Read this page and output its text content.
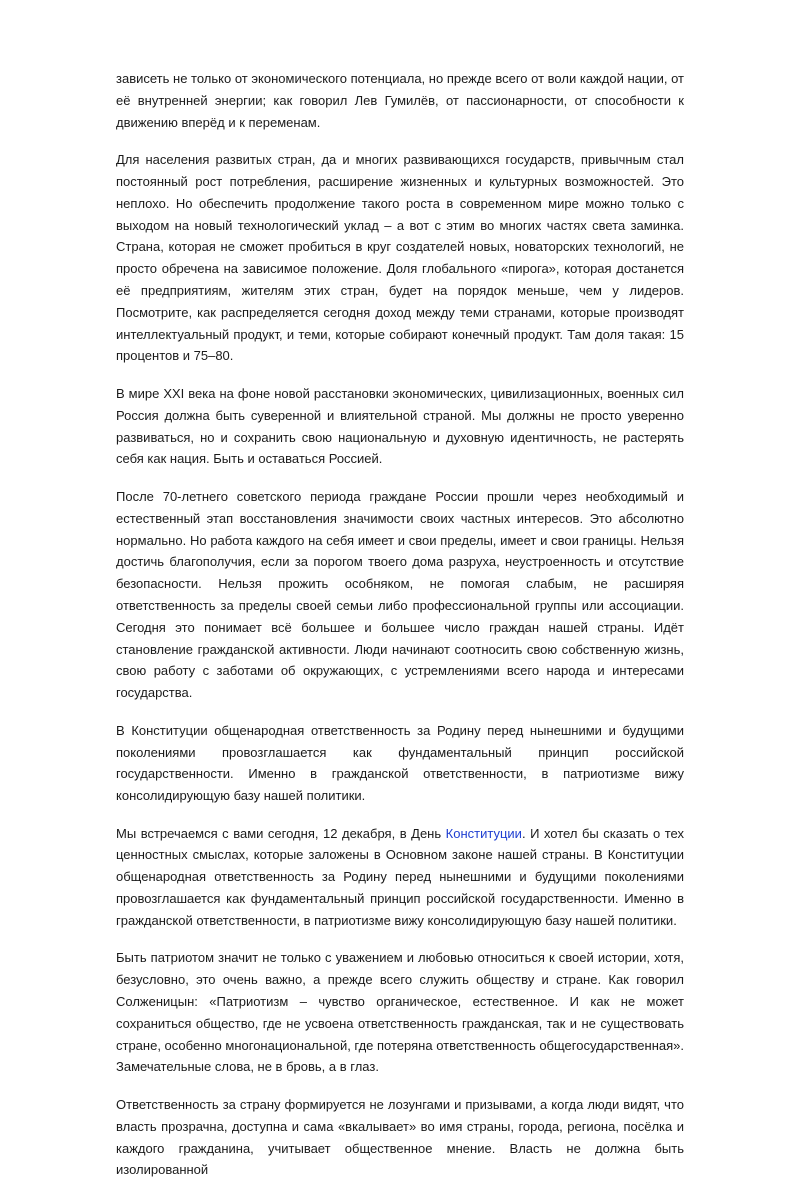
зависеть не только от экономического потенциала, но прежде всего от воли каждой нации, от её внутренней энергии; как говорил Лев Гумилёв, от пассионарности, от способности к движению вперёд и к переменам.

Для населения развитых стран, да и многих развивающихся государств, привычным стал постоянный рост потребления, расширение жизненных и культурных возможностей. Это неплохо. Но обеспечить продолжение такого роста в современном мире можно только с выходом на новый технологический уклад – а вот с этим во многих частях света заминка. Страна, которая не сможет пробиться в круг создателей новых, новаторских технологий, не просто обречена на зависимое положение. Доля глобального «пирога», которая достанется её предприятиям, жителям этих стран, будет на порядок меньше, чем у лидеров. Посмотрите, как распределяется сегодня доход между теми странами, которые производят интеллектуальный продукт, и теми, которые собирают конечный продукт. Там доля такая: 15 процентов и 75–80.

В мире XXI века на фоне новой расстановки экономических, цивилизационных, военных сил Россия должна быть суверенной и влиятельной страной. Мы должны не просто уверенно развиваться, но и сохранить свою национальную и духовную идентичность, не растерять себя как нация. Быть и оставаться Россией.

После 70-летнего советского периода граждане России прошли через необходимый и естественный этап восстановления значимости своих частных интересов. Это абсолютно нормально. Но работа каждого на себя имеет и свои пределы, имеет и свои границы. Нельзя достичь благополучия, если за порогом твоего дома разруха, неустроенность и отсутствие безопасности. Нельзя прожить особняком, не помогая слабым, не расширяя ответственность за пределы своей семьи либо профессиональной группы или ассоциации. Сегодня это понимает всё большее и большее число граждан нашей страны. Идёт становление гражданской активности. Люди начинают соотносить свою собственную жизнь, свою работу с заботами об окружающих, с устремлениями всего народа и интересами государства.

В Конституции общенародная ответственность за Родину перед нынешними и будущими поколениями провозглашается как фундаментальный принцип российской государственности. Именно в гражданской ответственности, в патриотизме вижу консолидирующую базу нашей политики.

Мы встречаемся с вами сегодня, 12 декабря, в День Конституции. И хотел бы сказать о тех ценностных смыслах, которые заложены в Основном законе нашей страны. В Конституции общенародная ответственность за Родину перед нынешними и будущими поколениями провозглашается как фундаментальный принцип российской государственности. Именно в гражданской ответственности, в патриотизме вижу консолидирующую базу нашей политики.

Быть патриотом значит не только с уважением и любовью относиться к своей истории, хотя, безусловно, это очень важно, а прежде всего служить обществу и стране. Как говорил Солженицын: «Патриотизм – чувство органическое, естественное. И как не может сохраниться общество, где не усвоена ответственность гражданская, так и не существовать стране, особенно многонациональной, где потеряна ответственность общегосударственная». Замечательные слова, не в бровь, а в глаз.

Ответственность за страну формируется не лозунгами и призывами, а когда люди видят, что власть прозрачна, доступна и сама «вкалывает» во имя страны, города, региона, посёлка и каждого гражданина, учитывает общественное мнение. Власть не должна быть изолированной
